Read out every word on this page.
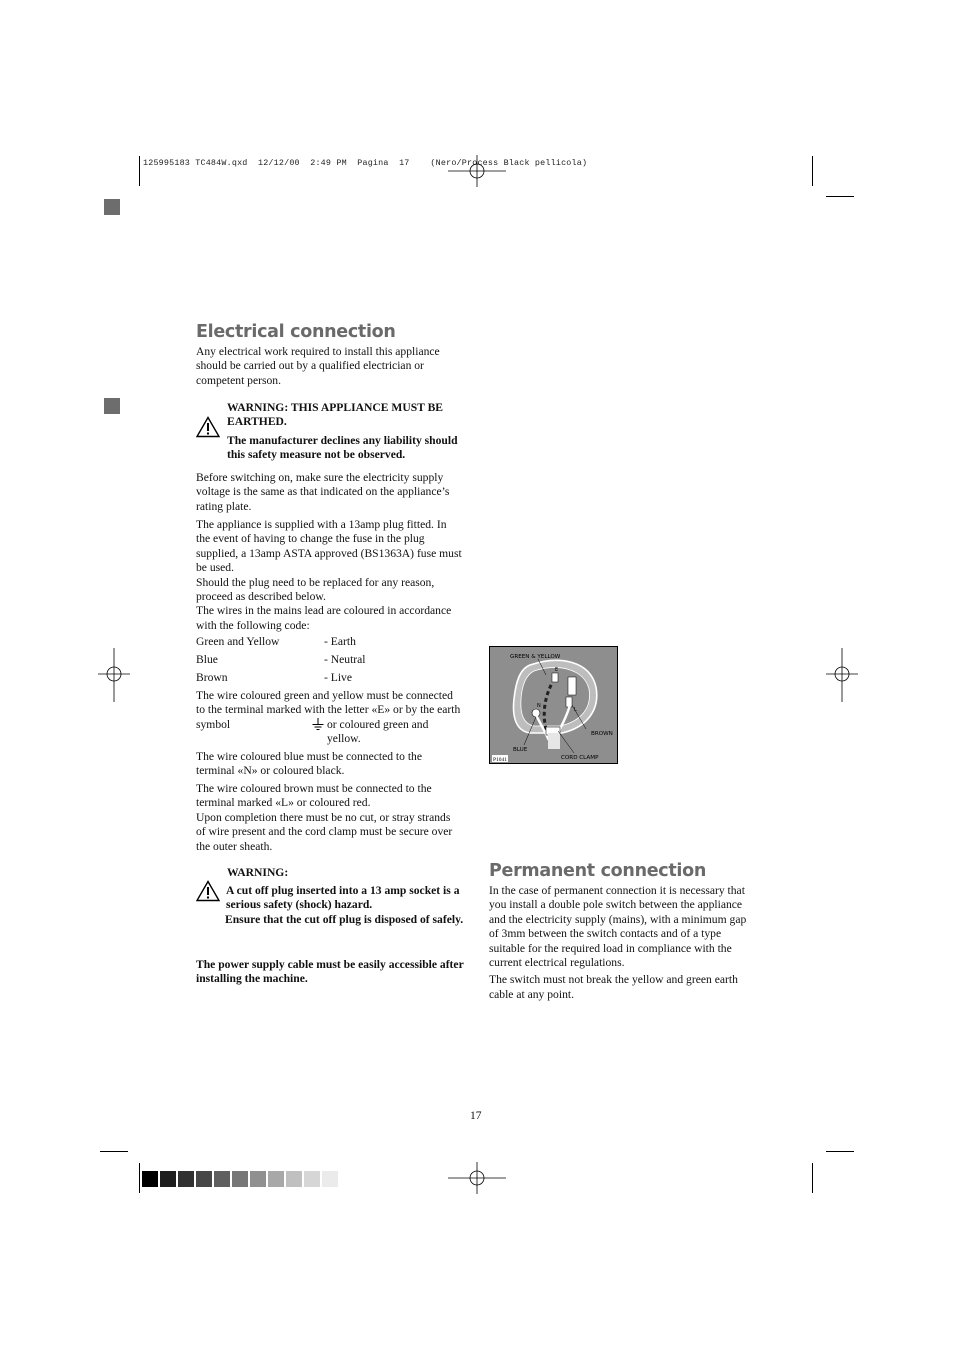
125995183 TC484W.qxd  12/12/00  2:49 PM  Pagina  17    (Nero/Process Black pellicola)
Electrical connection

Any electrical work required to install this appliance should be carried out by a qualified electrician or competent person.

WARNING: THIS APPLIANCE MUST BE EARTHED.

The manufacturer declines any liability should this safety measure not be observed.

Before switching on, make sure the electricity supply voltage is the same as that indicated on the appliance’s rating plate.

The appliance is supplied with a 13amp plug fitted. In the event of having to change the fuse in the plug supplied, a 13amp ASTA approved (BS1363A) fuse must be used.

Should the plug need to be replaced for any reason, proceed as described below.

The wires in the mains lead are coloured in accordance with the following code:

Green and Yellow	- Earth
Blue	- Neutral
Brown	- Live

The wire coloured green and yellow must be connected to the terminal marked with the letter «E» or by the earth symbol	or coloured green and yellow.

The wire coloured blue must be connected to the terminal «N» or coloured black.

The wire coloured brown must be connected to the terminal marked «L» or coloured red.

Upon completion there must be no cut, or stray strands of wire present and the cord clamp must be secure over the outer sheath.

WARNING:

A cut off plug inserted into a 13 amp socket is a serious safety (shock) hazard.

Ensure that the cut off plug is disposed of safely.

The power supply cable must be easily accessible after installing the machine.

E
N
L
GREEN & YELLOW
BROWN
BLUE
CORD CLAMP
P1041
Permanent connection

In the case of permanent connection it is necessary that you install a double pole switch between the appliance and the electricity supply (mains), with a minimum gap of 3mm between the switch contacts and of a type suitable for the required load in compliance with the current electrical regulations.

The switch must not break the yellow and green earth cable at any point.

17
